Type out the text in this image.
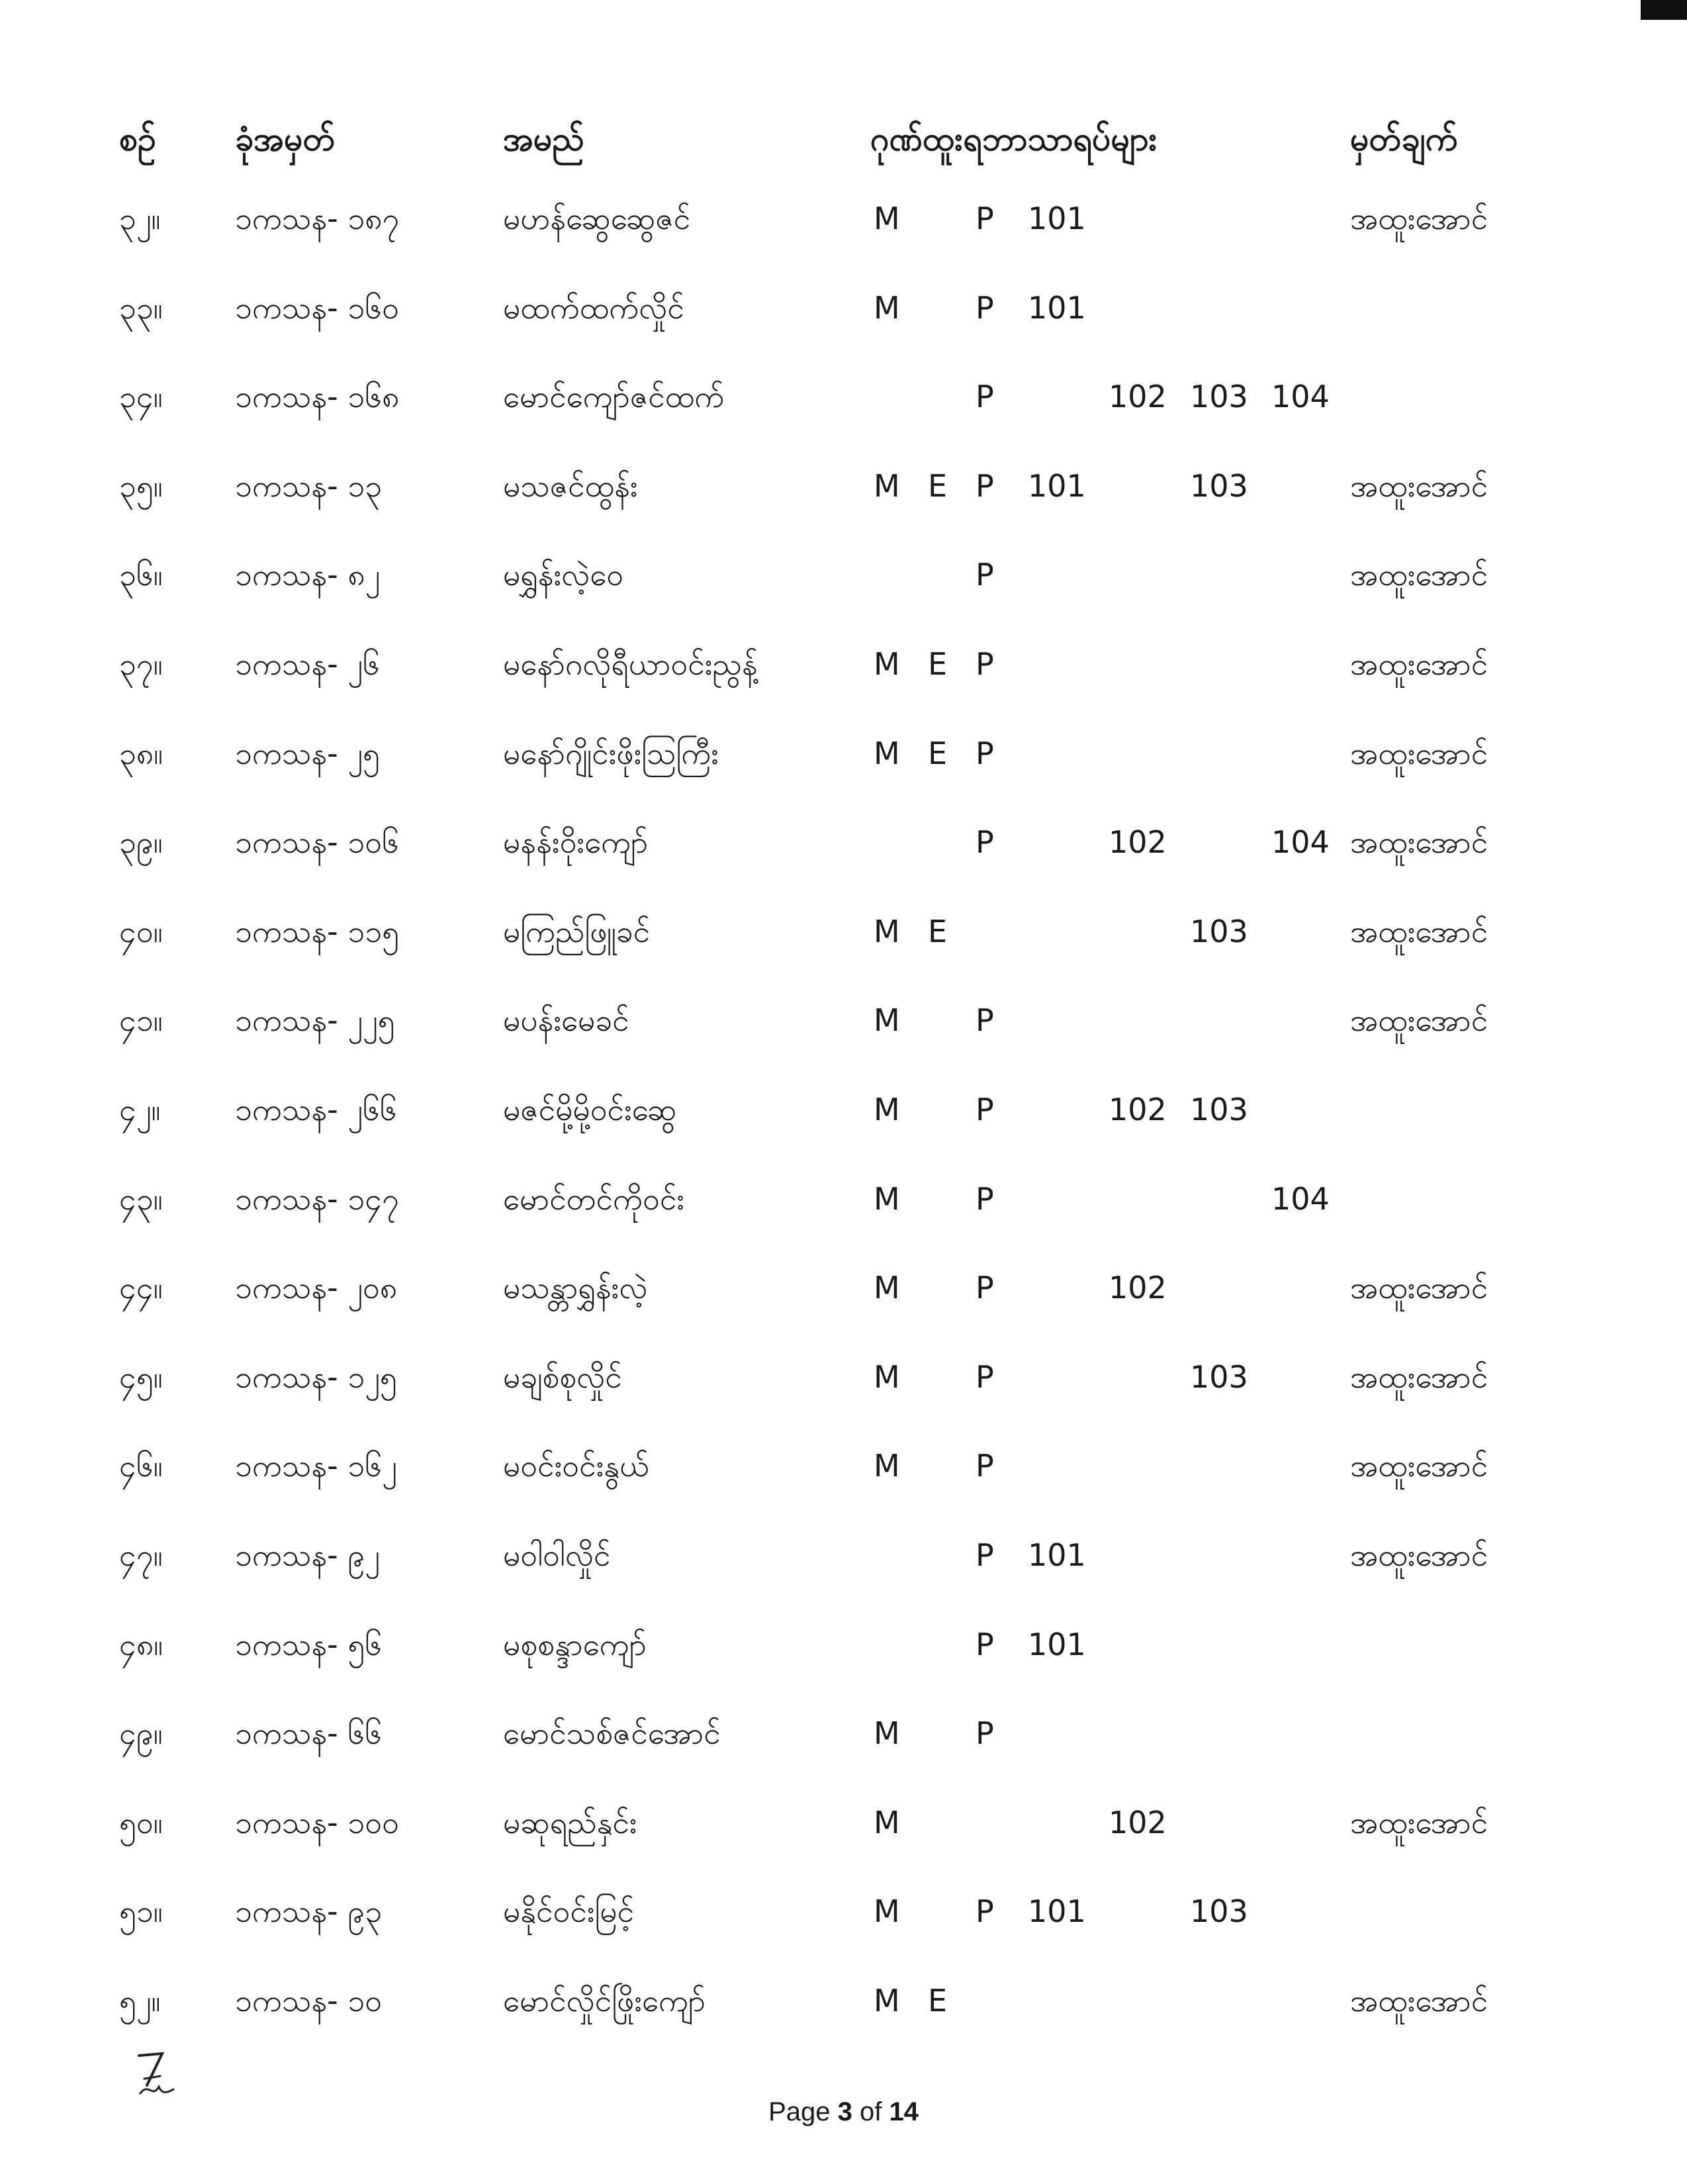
စဥ် ခုံအမှတ်	အမည်	ဂုဏ်ထူးရဘာသာရပ်များ	မှတ်ချက်
၃၂။ ၁ကသန- ၁၈၇	မဟန်ဆွေဆွေဇင်	M P 101	အထူးအောင်
၃၃။ ၁ကသန- ၁၆၀	မထက်ထက်လှိုင်	M P 101
၃၄။ ၁ကသန- ၁၆၈	မောင်ကျော်ဇင်ထက်	P	102 103 104
၃၅။ ၁ကသန- ၁၃	မသဇင်ထွန်း	M E P 101	103	အထူးအောင်
၃၆။ ၁ကသန- ၈၂	မရွှန်းလဲ့ဝေ	P	အထူးအောင်
၃၇။ ၁ကသန- ၂၆	မနော်ဂလိုရီယာဝင်းညွန့်	M E P	အထူးအောင်
၃၈။ ၁ကသန- ၂၅	မနော်ဂျိုင်းဖိုးဩကြီး	M E P	အထူးအောင်
၃၉။ ၁ကသန- ၁၀၆	မနန်းဝိုးကျော်	P	102	104 အထူးအောင်
၄၀။ ၁ကသန- ၁၁၅	မကြည်ဖြူခင်	M E	103	အထူးအောင်
၄၁။ ၁ကသန- ၂၂၅	မပန်းမေခင်	M P	အထူးအောင်
၄၂။ ၁ကသန- ၂၆၆	မဇင်မို့မို့ဝင်းဆွေ	M P	102 103
၄၃။ ၁ကသန- ၁၄၇	မောင်တင်ကိုဝင်း	M P	104
၄၄။ ၁ကသန- ၂၀၈	မသန္တာရွှန်းလဲ့	M P	102	အထူးအောင်
၄၅။ ၁ကသန- ၁၂၅	မချစ်စုလှိုင်	M P	103	အထူးအောင်
၄၆။ ၁ကသန- ၁၆၂	မဝင်းဝင်းနွယ်	M P	အထူးအောင်
၄၇။ ၁ကသန- ၉၂	မဝါဝါလှိုင်	P 101	အထူးအောင်
၄၈။ ၁ကသန- ၅၆	မစုစန္ဒာကျော်	P 101
၄၉။ ၁ကသန- ၆၆	မောင်သစ်ဇင်အောင်	M P
၅၀။ ၁ကသန- ၁၀၀	မဆုရည်နှင်း	M	102	အထူးအောင်
၅၁။ ၁ကသန- ၉၃	မနိုင်ဝင်းမြင့်	M P 101	103
၅၂။ ၁ကသန- ၁၀	မောင်လှိုင်ဖြိုးကျော်	M E	အထူးအောင်
Page 3 of 14
